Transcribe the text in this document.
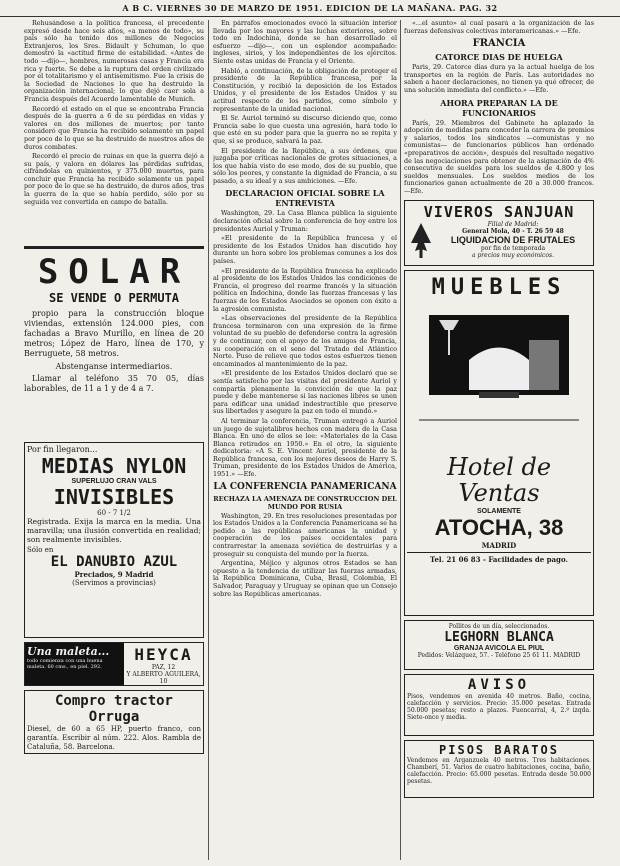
A B C. VIERNES 30 DE MARZO DE 1951. EDICION DE LA MAÑANA. PAG. 32

Rehusándose a la política francesa, el precedente expresó desde hace seis años, «a menos de todo», su país sólo ha tenido dos millones de Negocios Extranjeros, los Sres. Bidault y Schuman, lo que demostró la «actitud firme de estabilidad. «Antes de todo —dijo—, hombres, numerosas casas y Francia era rica y fuerte. Se debe a la ruptura del orden civilizado por el totalitarismo y el antisemitismo. Fue la crisis de la Sociedad de Naciones lo que ha destruido la organización internacional; lo que dejó caer sola a Francia después del Acuerdo lamentable de Munich.

Recordó el estado en el que se encontraba Francia después de la guerra a 6 de su pérdidas en vidas y valores en dos millones de muertos; por tanto consideró que Francia ha recibido solamente un papel por poco de lo que se ha destruido de nuestros años de duros combates.

Recordó el precio de ruinas en que la guerra dejó a su país, y valora en dólares las pérdidas sufridas, cifrándolas en quinientos, y 375.000 muertos, para concluir que Francia ha recibido solamente un papel por poco de lo que se ha destruido, de duros años, tras la guerra de la que se había perdido, sólo por su seguida vez convertida en campo de batalla.

SOLAR
SE VENDE O PERMUTA

propio para la construcción bloque viviendas, extensión 124.000 pies, con fachadas a Bravo Murillo, en línea de 20 metros; López de Haro, línea de 170, y Berruguete, 58 metros.

Abstenganse intermediarios.

Llamar al teléfono 35 70 05, días laborables, de 11 a 1 y de 4 a 7.

Por fin llegaron...
MEDIAS NYLON
SUPERLUJO CRAN VALS
INVISIBLES
60 - 7 1/2

Registrada. Exija la marca en la media. Una maravilla; una ilusión convertida en realidad; son realmente invisibles.

Sólo en
EL DANUBIO AZUL
Preciados, 9 Madrid
(Servimos a provincias)
Una maleta...
todo comienza con una buena maleta. 60 cms., en piel. 292.
HEYCA
PAZ, 12
Y ALBERTO AGUILERA, 10
Compro tractor Orruga

Diesel, de 60 a 65 HP, puerto franco, con garantía. Escribir al núm. 222. Alos. Rambla de Cataluña, 58. Barcelona.

En párrafos emocionados evocó la situación interior llevada por los mayores y las luchas exteriores, sobre todo en Indochina, donde se han desarrollado el esfuerzo —dijo—, con un esplendor acompañado: ingleses, sirios, y los independientes de los ejércitos. Siente estas unidas de Francia y el Oriente.

Habló, a continuación, de la obligación de proteger el presidente de la República francesa, por la Constitución, y recibió la deposición de los Estados Unidos, y el presidente de los Estados Unidos y su actitud respecto de los partidos, como símbolo y representante de la unidad nacional.

El Sr. Auriol terminó su discurso diciendo que, como Francia sabe lo que cuesta una agresión, hará todo lo que esté en su poder para que la guerra no se repita y que, si se produce, salvará la paz.

El presidente de la República, a sus órdenes, que juzgaba por críticas nacionales de grotes situaciones, a los que había visto de ese modo, dos de su pueblo, que sólo los peores, y constante la dignidad de Francia, a su pasado, a su ideal y a sus ambiciones. —Efe.

DECLARACION OFICIAL SOBRE LA ENTREVISTA

Washington, 29. La Casa Blanca pública la siguiente declaración oficial sobre la conferencia de hoy entre los presidentes Auriol y Truman:

«El presidente de la República francesa y el presidente de los Estados Unidos han discutido hoy durante un hora sobre los problemas comunes a los dos países.

»El presidente de la República francesa ha explicado al presidente de los Estados Unidos las condiciones de Francia, el progreso del rearme francés y la situación política en Indochina, donde las fuerzas francesas y las fuerzas de los Estados Asociados se oponen con éxito a la agresión comunista.

»Las observaciones del presidente de la República francesa terminaron con una expresión de la firme voluntad de su pueblo de defenderse contra la agresión y de continuar, con el apoyo de los amigos de Francia, su cooperación en el seno del Tratado del Atlántico Norte. Puso de relieve que todos estos esfuerzos tienen encaminados al mantenimiento de la paz.

»El presidente de los Estados Unidos declaró que se sentía satisfecho por las visitas del presidente Auriol y compartía plenamente la convicción de que la paz puede y debe mantenerse si las naciones libres se unen para edificar una unidad indestructible que preserve sus libertades y asegure la paz en todo el mundo.»

Al terminar la conferencia, Truman entregó a Auriol un juego de sujetalibros hechos con madera de la Casa Blanca. En uno de ellos se lee: «Materiales de la Casa Blanca retirados en 1950.» En el otro, la siguiente dedicatoria: «A S. E. Vincent Auriol, presidente de la República francesa, con los mejores deseos de Harry S. Truman, presidente de los Estados Unidos de América, 1951.» —Efe.

LA CONFERENCIA PANAMERICANA
RECHAZA LA AMENAZA DE CONSTRUCCION DEL MUNDO POR RUSIA

Washington, 29. En tres resoluciones presentadas por los Estados Unidos a la Conferencia Panamericana se ha pedido a las repúblicas americanas la unidad y cooperación de los países occidentales para contrarrestar la amenaza soviética de destruirlas y a proseguir su conquista del mundo por la fuerza.

Argentina, Méjico y algunos otros Estados se han opuesto a la tendencia de utilizar las fuerzas armadas, la República Dominicana, Cuba, Brasil, Colombia, El Salvador, Paraguay y Uruguay se opinan que un Consejo sobre las Repúblicas americanas.

«...el asunto» al cual pasará a la organización de las fuerzas defensivas colectivas interamericanas.» —Efe.

FRANCIA
CATORCE DIAS DE HUELGA

Paris, 29. Catorce días dura ya la actual huelga de los transportes en la región de París. Las autoridades no saben a hacer declaraciones, no tienen ya qué ofrecer, de una solución inmediata del conflicto.» —Efe.

AHORA PREPARAN LA DE FUNCIONARIOS

París, 29. Miembros del Gabinete ha aplazado la adopción de medidas para conceder la carrera de premios y salarios, todos los sindicatos —comunistas y no comunistas— de funcionarios públicos han ordenado «preparativos de acción», después del resultado negativo de las negociaciones para obtener de la asignación de 4% consecutiva de sueldos para los sueldos de 4.800 y los sueldos mensuales. Los sueldos medios de los funcionarios ganan actualmente de 20 a 30.000 francos. —Efe.

VIVEROS SANJUAN
Filial de Madrid:
General Mola, 40 - T. 26 59 48
LIQUIDACION DE FRUTALES
por fin de temporada
a precios muy económicos.
MUEBLES
Hotel de Ventas
SOLAMENTE
ATOCHA, 38
MADRID
Tel. 21 06 83 - Facilidades de pago.
Pollitos de un día, seleccionados.
LEGHORN BLANCA
GRANJA AVICOLA EL PIUL
Pedidos: Velázquez, 57. - Teléfono 25 61 11. MADRID
AVISO

Pisos, vendemos en avenida 40 metros. Baño, cocina, calefacción y servicios. Precio: 35.000 pesetas. Entrada 50.000 pesetas; resto a plazos. Fuencarral, 4, 2.º izqda. Siete-once y media.

PISOS BARATOS

Vendemos en Arganzuela 40 metros. Tres habitaciones. Chamberí, 51. Varios de cuatro habitaciones, cocina, baño, calefacción. Precio: 65.000 pesetas. Entrada desde 50.000 pesetas.
